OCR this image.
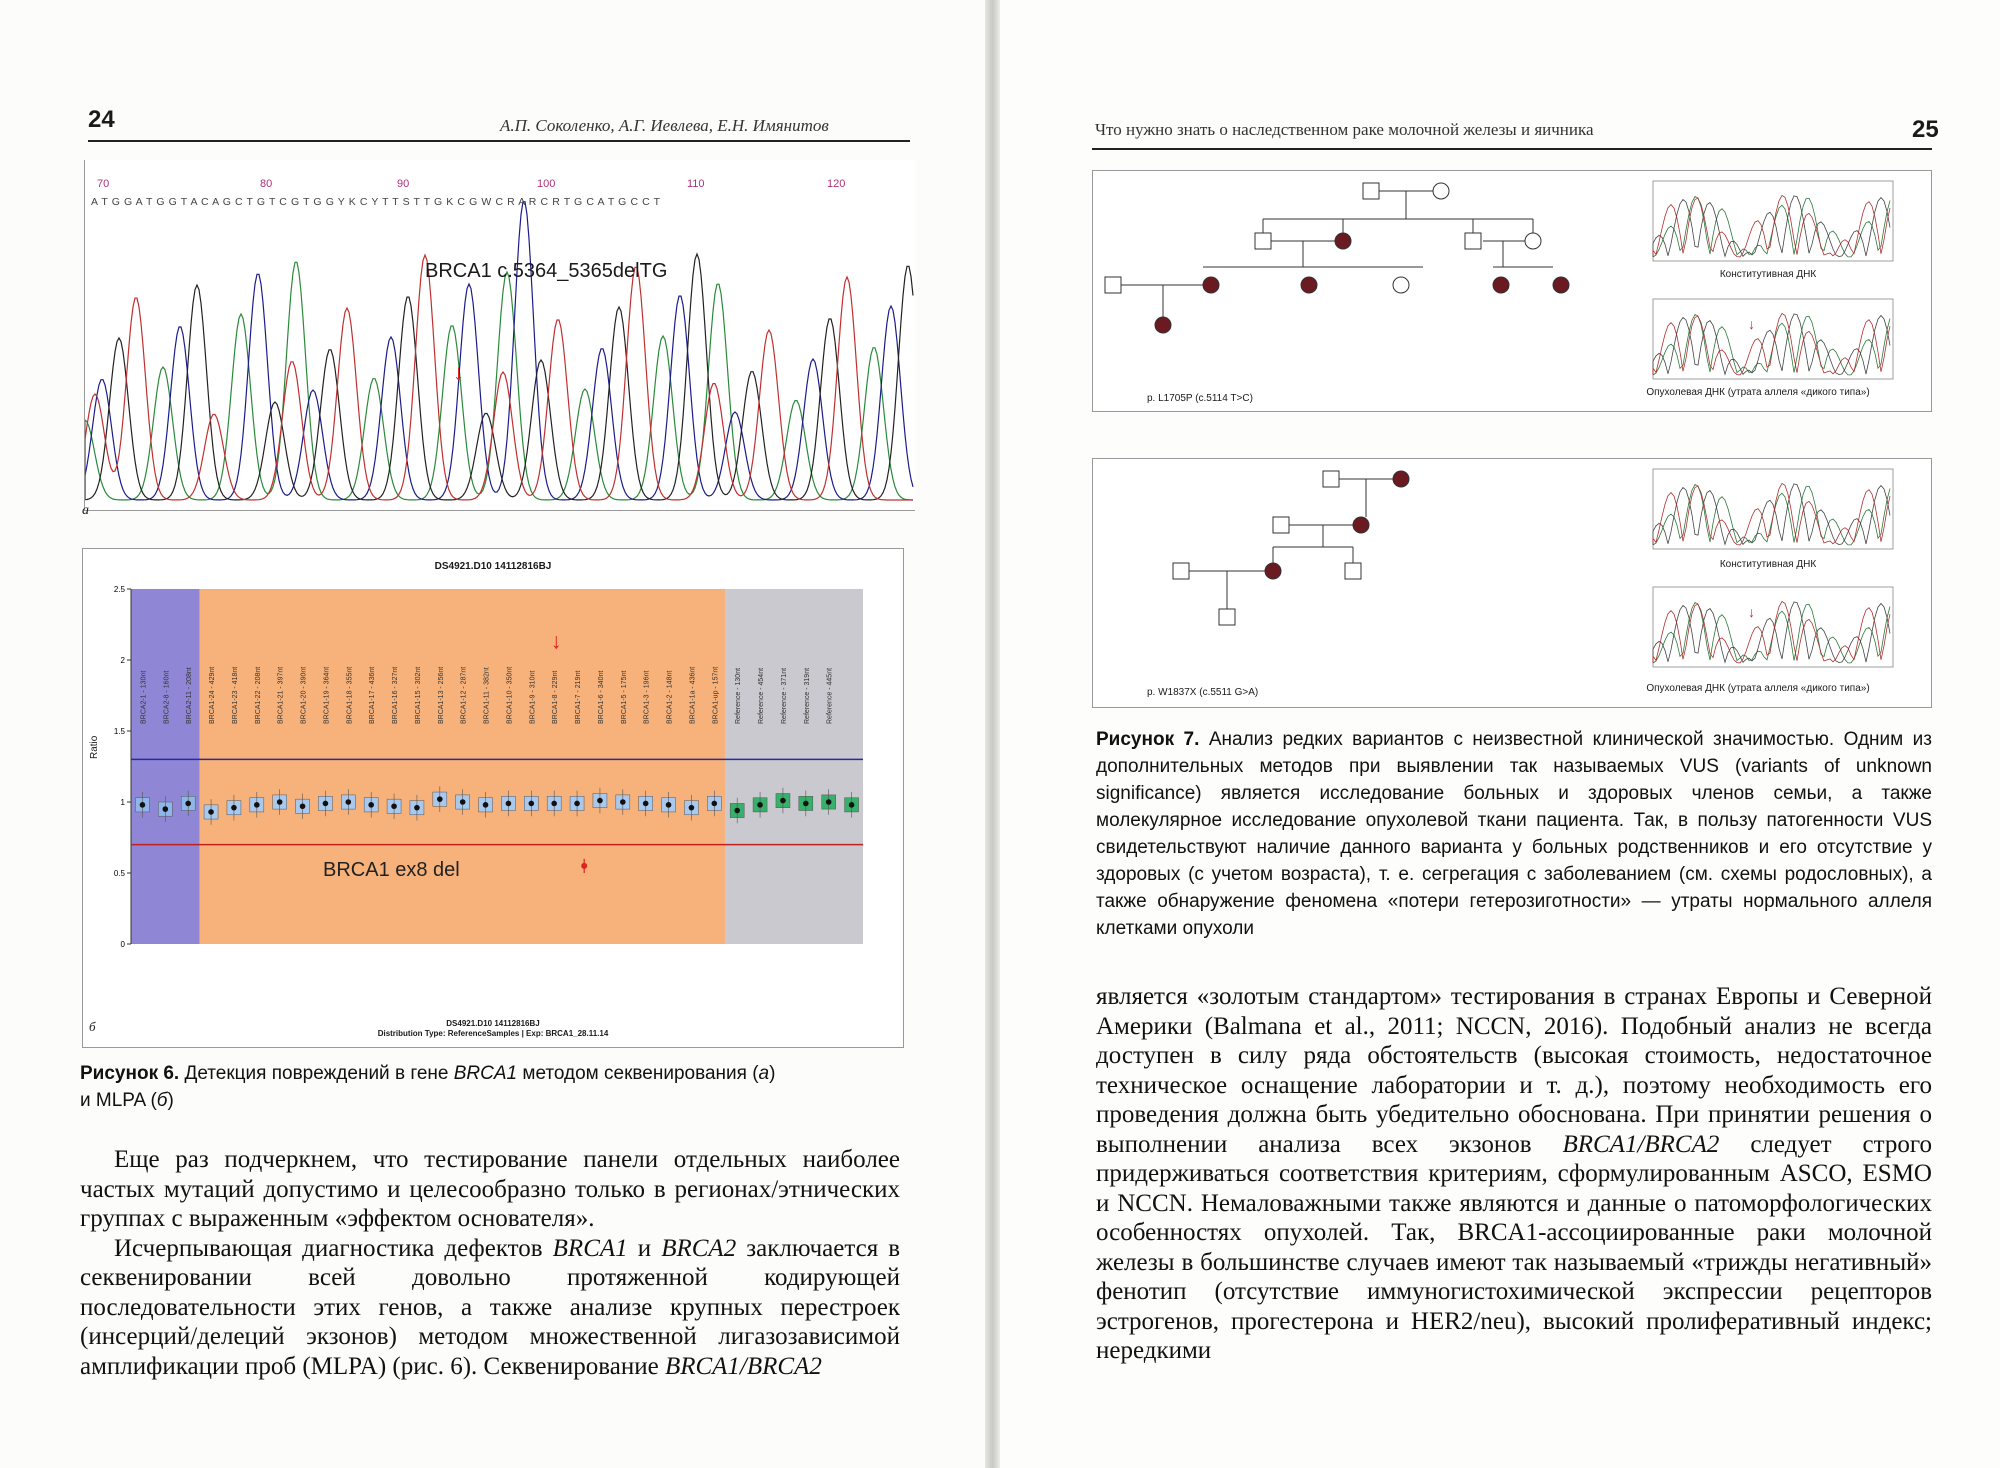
24	А.П. Соколенко, А.Г. Иевлева, Е.Н. Имянитов
70	80	90	100	110	120
A T G G A T G G T A C A G C T G T C G T G G Y K C Y T T S T T G K C G W C R A R C R T G C A T G C C T
BRCA1 c.5364_5365delTG
↓
a
DS4921.D10 14112816BJ
0
0.5
1
1.5
2
2.5
BRCA2-1 - 130nt BRCA2-8 - 160nt BRCA2-11 - 208nt BRCA1-24 - 429nt BRCA1-23 - 418nt BRCA1-22 - 208nt BRCA1-21 - 397nt BRCA1-20 - 390nt BRCA1-19 - 364nt BRCA1-18 - 355nt BRCA1-17 - 436nt BRCA1-16 - 327nt BRCA1-15 - 302nt BRCA1-13 - 256nt BRCA1-12 - 287nt BRCA1-11 - 382nt BRCA1-10 - 350nt BRCA1-9 - 310nt BRCA1-8 - 229nt BRCA1-7 - 219nt BRCA1-6 - 340nt BRCA1-5 - 175nt BRCA1-3 - 196nt BRCA1-2 - 148nt BRCA1-1a - 436nt BRCA1-up - 157nt Reference - 130nt Reference - 454nt Reference - 371nt Reference - 319nt Reference - 445nt
↓
Ratio
BRCA1 ex8 del
DS4921.D10 14112816BJ
Distribution Type: ReferenceSamples | Exp: BRCA1_28.11.14
б
Рисунок 6. Детекция повреждений в гене BRCA1 методом секвенирования (а)
и MLPA (б)

Еще раз подчеркнем, что тестирование панели отдельных наиболее частых мутаций допустимо и целесообразно только в регионах/этнических группах с выраженным «эффектом основателя».

Исчерпывающая диагностика дефектов BRCA1 и BRCA2 заключается в секвенировании всей довольно протяженной кодирующей последовательности этих генов, а также анализе крупных перестроек (инсерций/делеций экзонов) методом множественной лигазозависимой амплификации проб (MLPA) (рис. 6). Секвенирование BRCA1/BRCA2

Что нужно знать о наследственном раке молочной железы и яичника	25
↓
p. L1705P (c.5114 T>C)
Конститутивная ДНК
Опухолевая ДНК (утрата аллеля «дикого типа»)
↓
p. W1837X (c.5511 G>A)
Конститутивная ДНК
Опухолевая ДНК (утрата аллеля «дикого типа»)
Рисунок 7. Анализ редких вариантов с неизвестной клинической значимостью. Одним из дополнительных методов при выявлении так называемых VUS (variants of unknown significance) является исследование больных и здоровых членов семьи, а также молекулярное исследование опухолевой ткани пациента. Так, в пользу патогенности VUS свидетельствуют наличие данного варианта у больных родственников и его отсутствие у здоровых (с учетом возраста), т. е. сегрегация с заболеванием (см. схемы родословных), а также обнаружение феномена «потери гетерозиготности» — утраты нормального аллеля клетками опухоли

является «золотым стандартом» тестирования в странах Европы и Северной Америки (Balmana et al., 2011; NCCN, 2016). Подобный анализ не всегда доступен в силу ряда обстоятельств (высокая стоимость, недостаточное техническое оснащение лаборатории и т. д.), поэтому необходимость его проведения должна быть убедительно обоснована. При принятии решения о выполнении анализа всех экзонов BRCA1/BRCA2 следует строго придерживаться соответствия критериям, сформулированным ASCO, ESMO и NCCN. Немаловажными также являются и данные о патоморфологических особенностях опухолей. Так, BRCA1-ассоциированные раки молочной железы в большинстве случаев имеют так называемый «трижды негативный» фенотип (отсутствие иммуногистохимической экспрессии рецепторов эстрогенов, прогестерона и HER2/neu), высокий пролиферативный индекс; нередкими
